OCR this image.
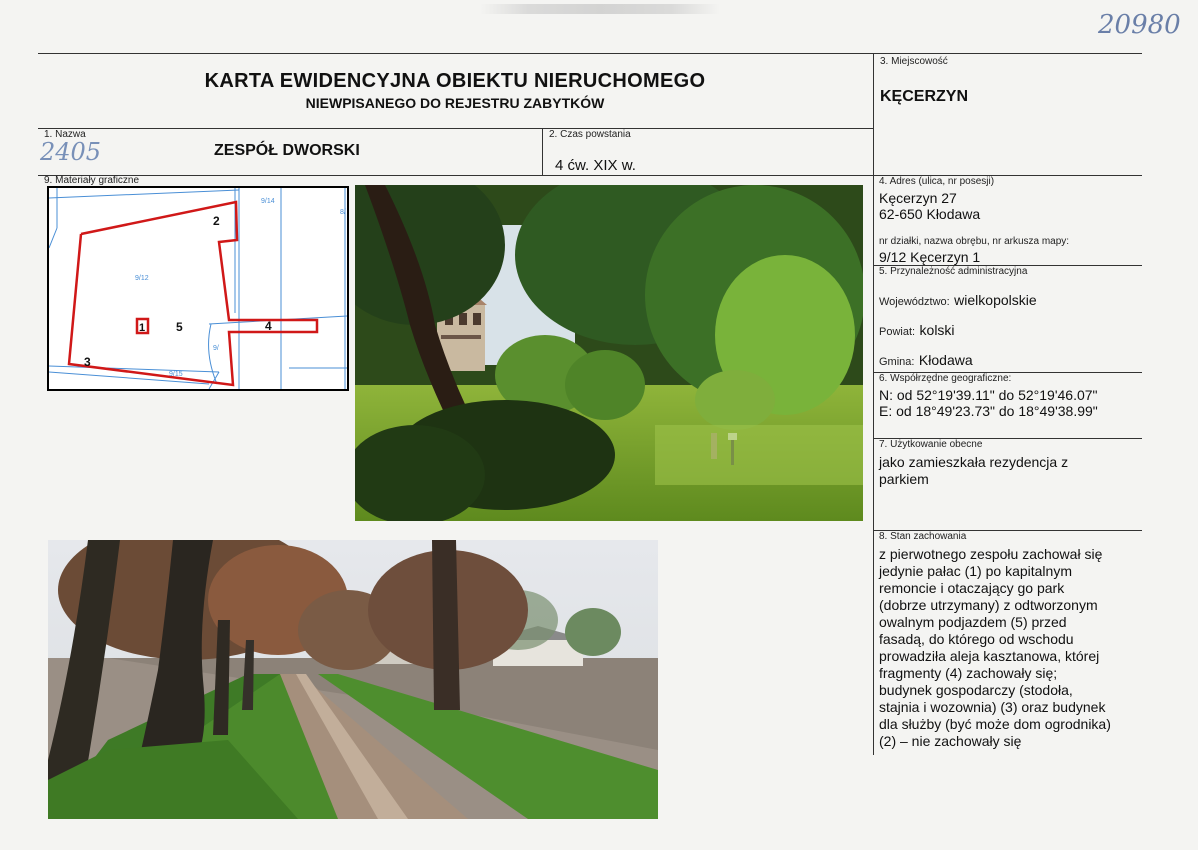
20980
KARTA EWIDENCYJNA OBIEKTU NIERUCHOMEGO
NIEWPISANEGO DO REJESTRU ZABYTKÓW
3. Miejscowość
KĘCERZYN
1. Nazwa
2405	ZESPÓŁ DWORSKI
2. Czas powstania
4 ćw. XIX w.
9. Materiały graficzne	4. Adres (ulica, nr posesji)
Kęcerzyn 27
62-650 Kłodawa
nr działki, nazwa obrębu, nr arkusza mapy:
9/12 Kęcerzyn 1
5. Przynależność administracyjna
Województwo: wielkopolskie
Powiat: kolski
Gmina: Kłodawa
6. Współrzędne geograficzne:
N: od 52°19'39.11" do 52°19'46.07"
E: od 18°49'23.73" do 18°49'38.99"
7. Użytkowanie obecne
jako zamieszkała rezydencja z
parkiem
8. Stan zachowania
z pierwotnego zespołu zachował się
jedynie pałac (1) po kapitalnym
remoncie i otaczający go park
(dobrze utrzymany) z odtworzonym
owalnym podjazdem (5) przed
fasadą, do którego od wschodu
prowadziła aleja kasztanowa, której
fragmenty (4) zachowały się;
budynek gospodarczy (stodoła,
stajnia i wozownia) (3) oraz budynek
dla służby (być może dom ogrodnika)
(2) – nie zachowały się
9/14
9/12
9/15
8/
9/
1
2
3
4
5
